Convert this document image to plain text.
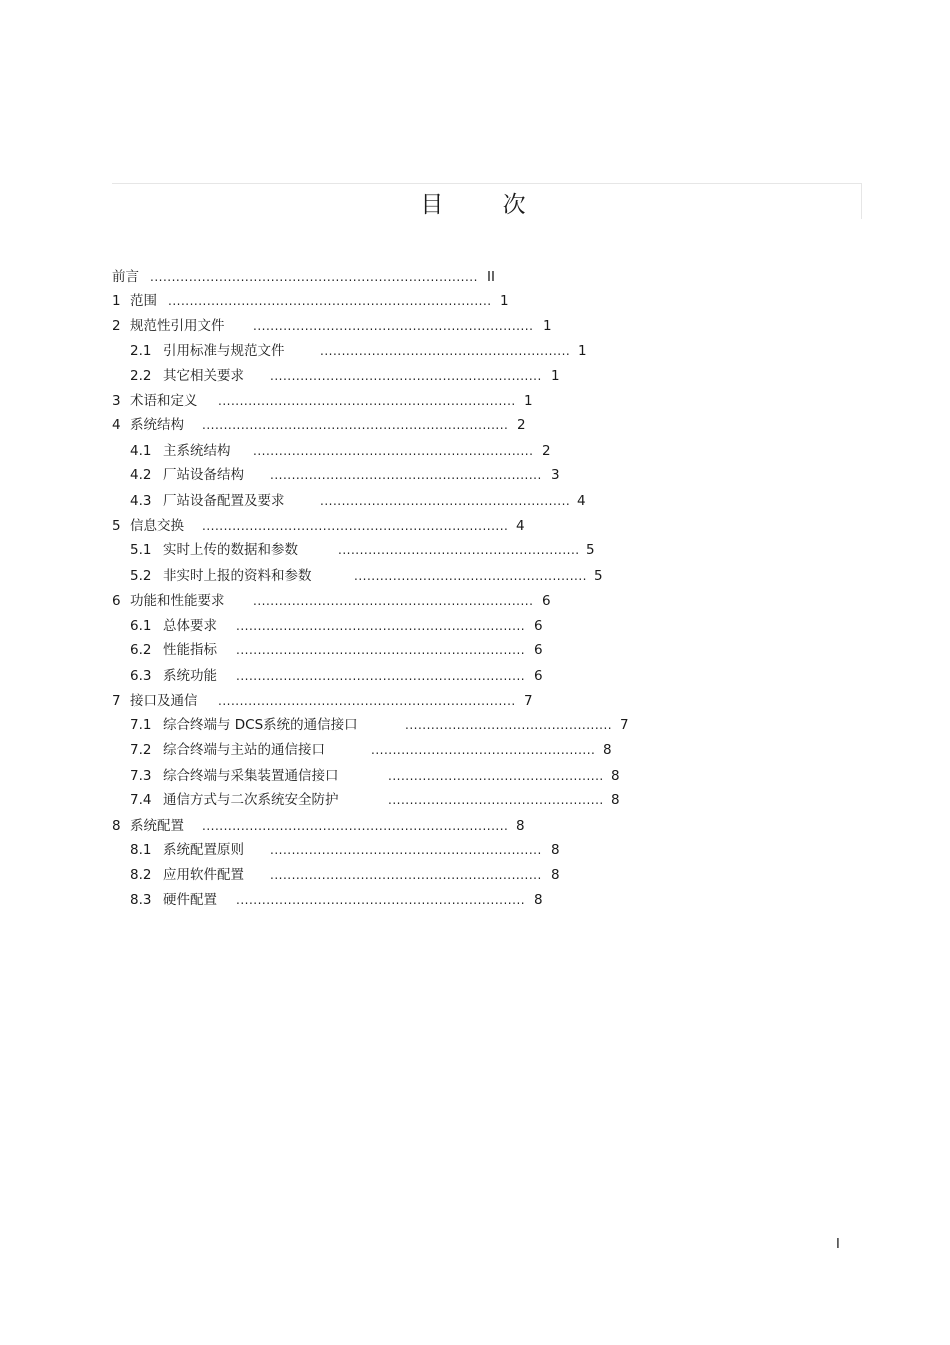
目 次
前言 ............................................................................ II
1 范围 ........................................................................... 1
2 规范性引用文件 ................................................................. 1
2.1 引用标准与规范文件	.......................................................... 1
2.2 其它相关要求 ............................................................... 1
3 术语和定义 ..................................................................... 1
4 系统结构 ....................................................................... 2
4.1 主系统结构 ................................................................. 2
4.2 厂站设备结构 ............................................................... 3
4.3 厂站设备配置及要求	.......................................................... 4
5 信息交换 ....................................................................... 4
5.1 实时上传的数据和参数	........................................................ 5
5.2 非实时上报的资料和参数	...................................................... 5
6 功能和性能要求 ................................................................. 6
6.1 总体要求 ................................................................... 6
6.2 性能指标 ................................................................... 6
6.3 系统功能 ................................................................... 6
7 接口及通信 ..................................................................... 7
7.1 综合终端与 DCS系统的通信接口	................................................ 7
7.2 综合终端与主站的通信接口	.................................................... 8
7.3 综合终端与采集装置通信接口	.................................................. 8
7.4 通信方式与二次系统安全防护	.................................................. 8
8 系统配置 ....................................................................... 8
8.1 系统配置原则 ............................................................... 8
8.2 应用软件配置 ............................................................... 8
8.3 硬件配置 ................................................................... 8
I
